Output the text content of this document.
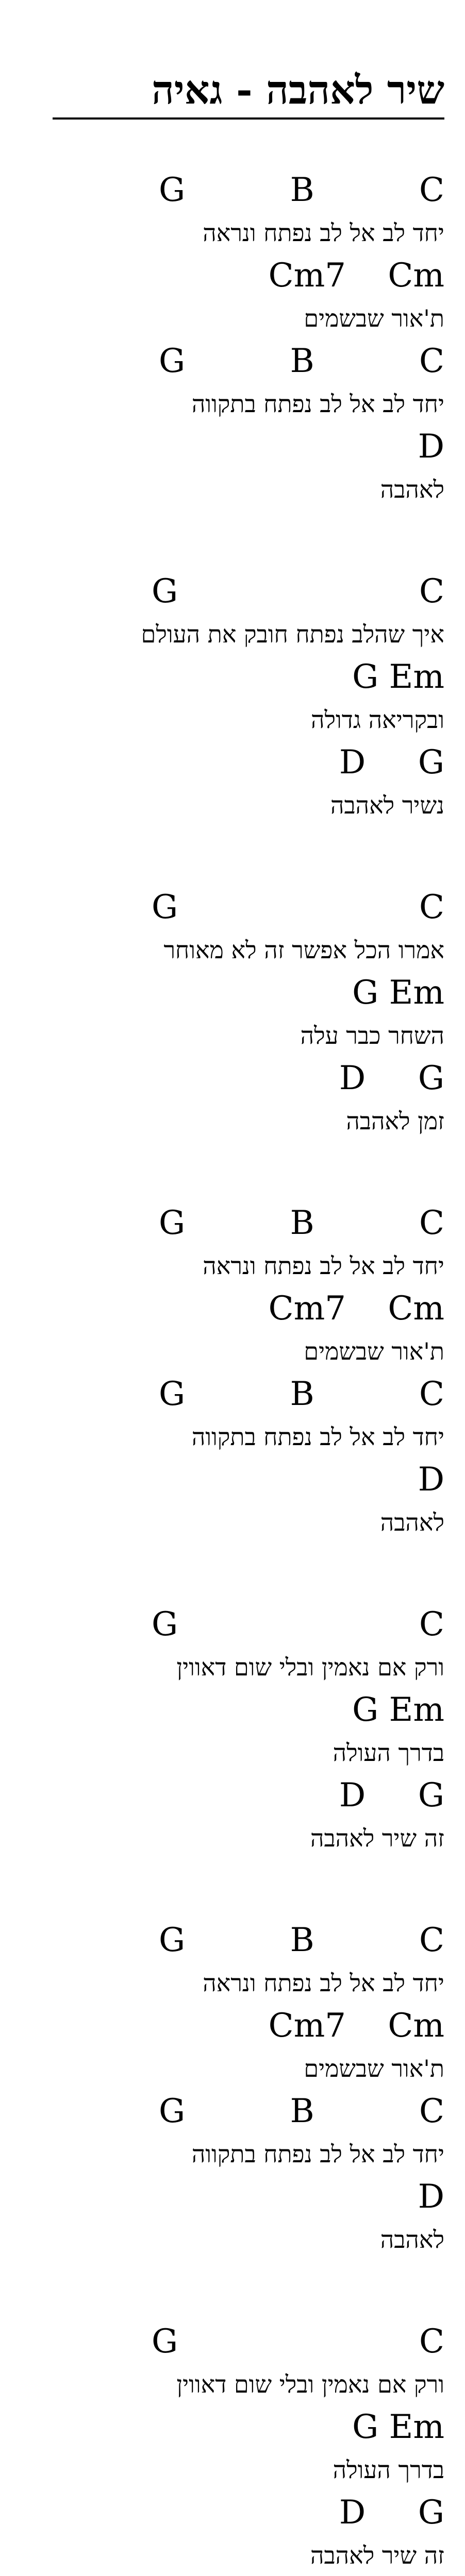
שיר לאהבה - גאיה
G          B          C
יחד לב אל לב נפתח ונראה
Cm7    Cm
ת'אור שבשמים
G          B          C
יחד לב אל לב נפתח בתקווה
D
לאהבה
G                       C
איך שהלב נפתח חובק את העולם
G Em
ובקריאה גדולה
D     G
נשיר לאהבה
G                       C
אמרו הכל אפשר זה לא מאוחר
G Em
השחר כבר עלה
D     G
זמן לאהבה
G          B          C
יחד לב אל לב נפתח ונראה
Cm7    Cm
ת'אור שבשמים
G          B          C
יחד לב אל לב נפתח בתקווה
D
לאהבה
G                       C
ורק אם נאמין ובלי שום דאווין
G Em
בדרך העולה
D     G
זה שיר לאהבה
G          B          C
יחד לב אל לב נפתח ונראה
Cm7    Cm
ת'אור שבשמים
G          B          C
יחד לב אל לב נפתח בתקווה
D
לאהבה
G                       C
ורק אם נאמין ובלי שום דאווין
G Em
בדרך העולה
D     G
זה שיר לאהבה
